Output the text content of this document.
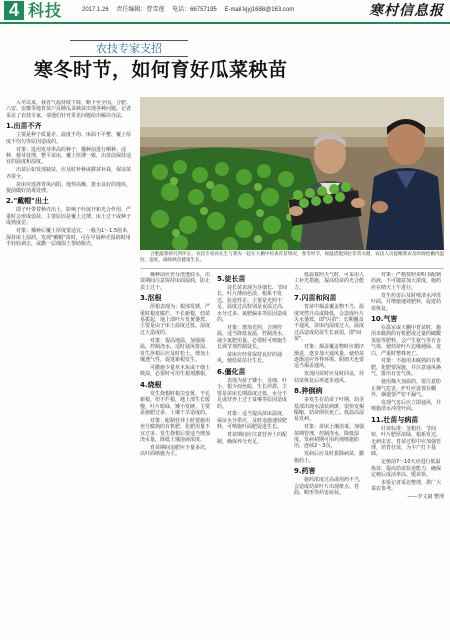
4 科技	2017.1.26 责任编辑：曹雪莲 电话：66757195 E-mail:kjyj1688@163.com	寒村信息报
农技专家支招
寒冬时节，如何育好瓜菜秧苗

入冬以来，我省气温持续下降，断下至全国，合肥、六安、安徽等地育苗户反映瓜菜秧苗出现各种问题。记者采访了农技专家，请他们针对常见问题给出解决办法。

1.出苗不齐

主要是种子质量差、温度不均、床面不平整、覆土厚度不均匀等原因造成的。

对策：选用发芽率高的种子，播种前进行晒种、浸种、催芽处理，整平苗床，覆土厚薄一致，出苗前保持适宜的温度和湿度。

出苗后如发现缺苗，应及时补种或移苗补栽，保证苗齐苗全。

苗床应选择背风向阳、地势高燥、排水良好的地块，提前做好消毒处理。

2."戴帽"出土

即子叶带着种壳出土，影响子叶展开和光合作用，严重时会形成弱苗。主要原因是覆土过薄、床土过干或种子成熟度差。

对策：播种后覆土厚度要适宜，一般为1～1.5厘米，保持床土湿润。发现"戴帽"苗时，可在早晨种壳湿润时用手轻轻剥去，或撒一层细湿土帮助脱壳。

合肥蔬菜研究所所长，农技专家孙先生与菜农一起在大棚中检查育苗情况，寒冬时节，保温措施到位非常关键，农技人员提醒菜农及时调控棚内温度、湿度，确保秧苗健康生长。

播种前应充分浇透底水，出苗期间注意保持床面湿润，防止表土过干。

3.沤根

沤根表现为：根部发锈，严重时根皮腐烂，不长新根，幼苗易拔起，地上部叶片发黄萎蔫。主要是由于床土温度过低、湿度过大造成的。

对策：提高地温，加强保温，控制浇水，适时通风排湿。发生沤根后应及时松土，增加土壤透气性，促进新根发生。

可撒施少量草木灰或干细土吸湿，必要时可用生根剂灌根。

4.烧根

发生烧根时根尖变黄，不长新根，但不烂根，地上部生长缓慢，叶片暗绿，矮小发硬。主要是施肥过多、土壤干旱造成的。

对策：配制营养土时要施用充分腐熟的有机肥，化肥用量不宜过多。发生烧根后要适当增加浇水量，降低土壤溶液浓度。

育苗期间追肥应少量多次，以叶面喷施为主。

5.徒长苗

徒长苗表现为茎细长、节间长、叶片薄而色淡、根系不发达，抗逆性差。主要是光照不足、温度过高特别是夜温过高、水分过多、氮肥偏多等原因造成的。

对策：增加光照，合理控温，适当降低夜温，控制浇水，减少氮肥用量。必要时可喷施生长调节剂控制徒长。

苗床应经常保持良好的通风，使幼苗茁壮生长。

6.僵化苗

表现为苗子矮小，茎细、叶小、根少而色暗，生长停滞。主要是苗床长期温度过低、水分不足或营养土过于贫瘠等原因造成的。

对策：适当提高苗床温度，保证水分供应，及时追施速效肥料，可喷施叶面肥促进生长。

育苗期间应注意营养土的配制，确保养分充足。

低温寡照天气时，可采用人工补光措施，提高幼苗的光合能力。

7.闪苗和闷苗

育苗中揭盖覆盖物不当，温度突然升高或降低，会造成叶片失水萎蔫，即"闪苗"；长期覆盖不通风，苗床内湿度过大、温度过高造成幼苗生长衰弱，即"闷苗"。

对策：揭盖覆盖物时应循序渐进，逐步加大通风量，使幼苗逐渐适应外界环境。阴雨天也要适当揭盖通风。

发现闪苗时应及时回盖，待幼苗恢复后再逐步通风。

8.猝倒病

多发生在幼苗子叶期，幼茎基部出现水渍状病斑，很快变褐缢缩，幼苗倒伏死亡。低温高湿易发病。

对策：苗床土壤消毒，加强苗期管理，控制浇水，降低湿度。发病初期可用药剂喷施防治，连续2～3次。

发病后应及时拔除病苗，撒施药土。

9.药害

施药浓度过高或用药不当，会造成幼苗叶片出现斑点、卷曲、畸形等药害症状。

对策：严格按照说明书配制药液，不可随意加大浓度，施药应在晴天上午进行。

发生药害后及时喷清水冲洗叶面，并增施速效肥料，促进幼苗恢复。

10.气害

在温室或大棚中育苗时，施用未腐熟的有机肥或过量的碳酸氢铵等肥料，会产生氨气等有害气体，使幼苗叶片边缘褪绿、变白，严重时整株死亡。

对策：不施用未腐熟的有机肥，化肥要深施，并注意通风换气，排出有害气体。

使用煤火加温的，要注意防止烟气危害，炉灶应设置在棚外，烟道要严密不漏气。

发现气害后应立即通风，并喷施清水冲洗叶面。

11.壮苗与病苗

壮苗标准：茎粗壮、节间短，叶片肥厚浓绿，根系发达，无病虫害。育苗过程中应加强管理，培育壮苗，为丰产打下基础。

定植前7～10天应进行低温炼苗，提高幼苗抗逆能力，确保定植后成活率高、缓苗快。

本报记者采访整理，供广大菜农参考。

——李文斌 整理
